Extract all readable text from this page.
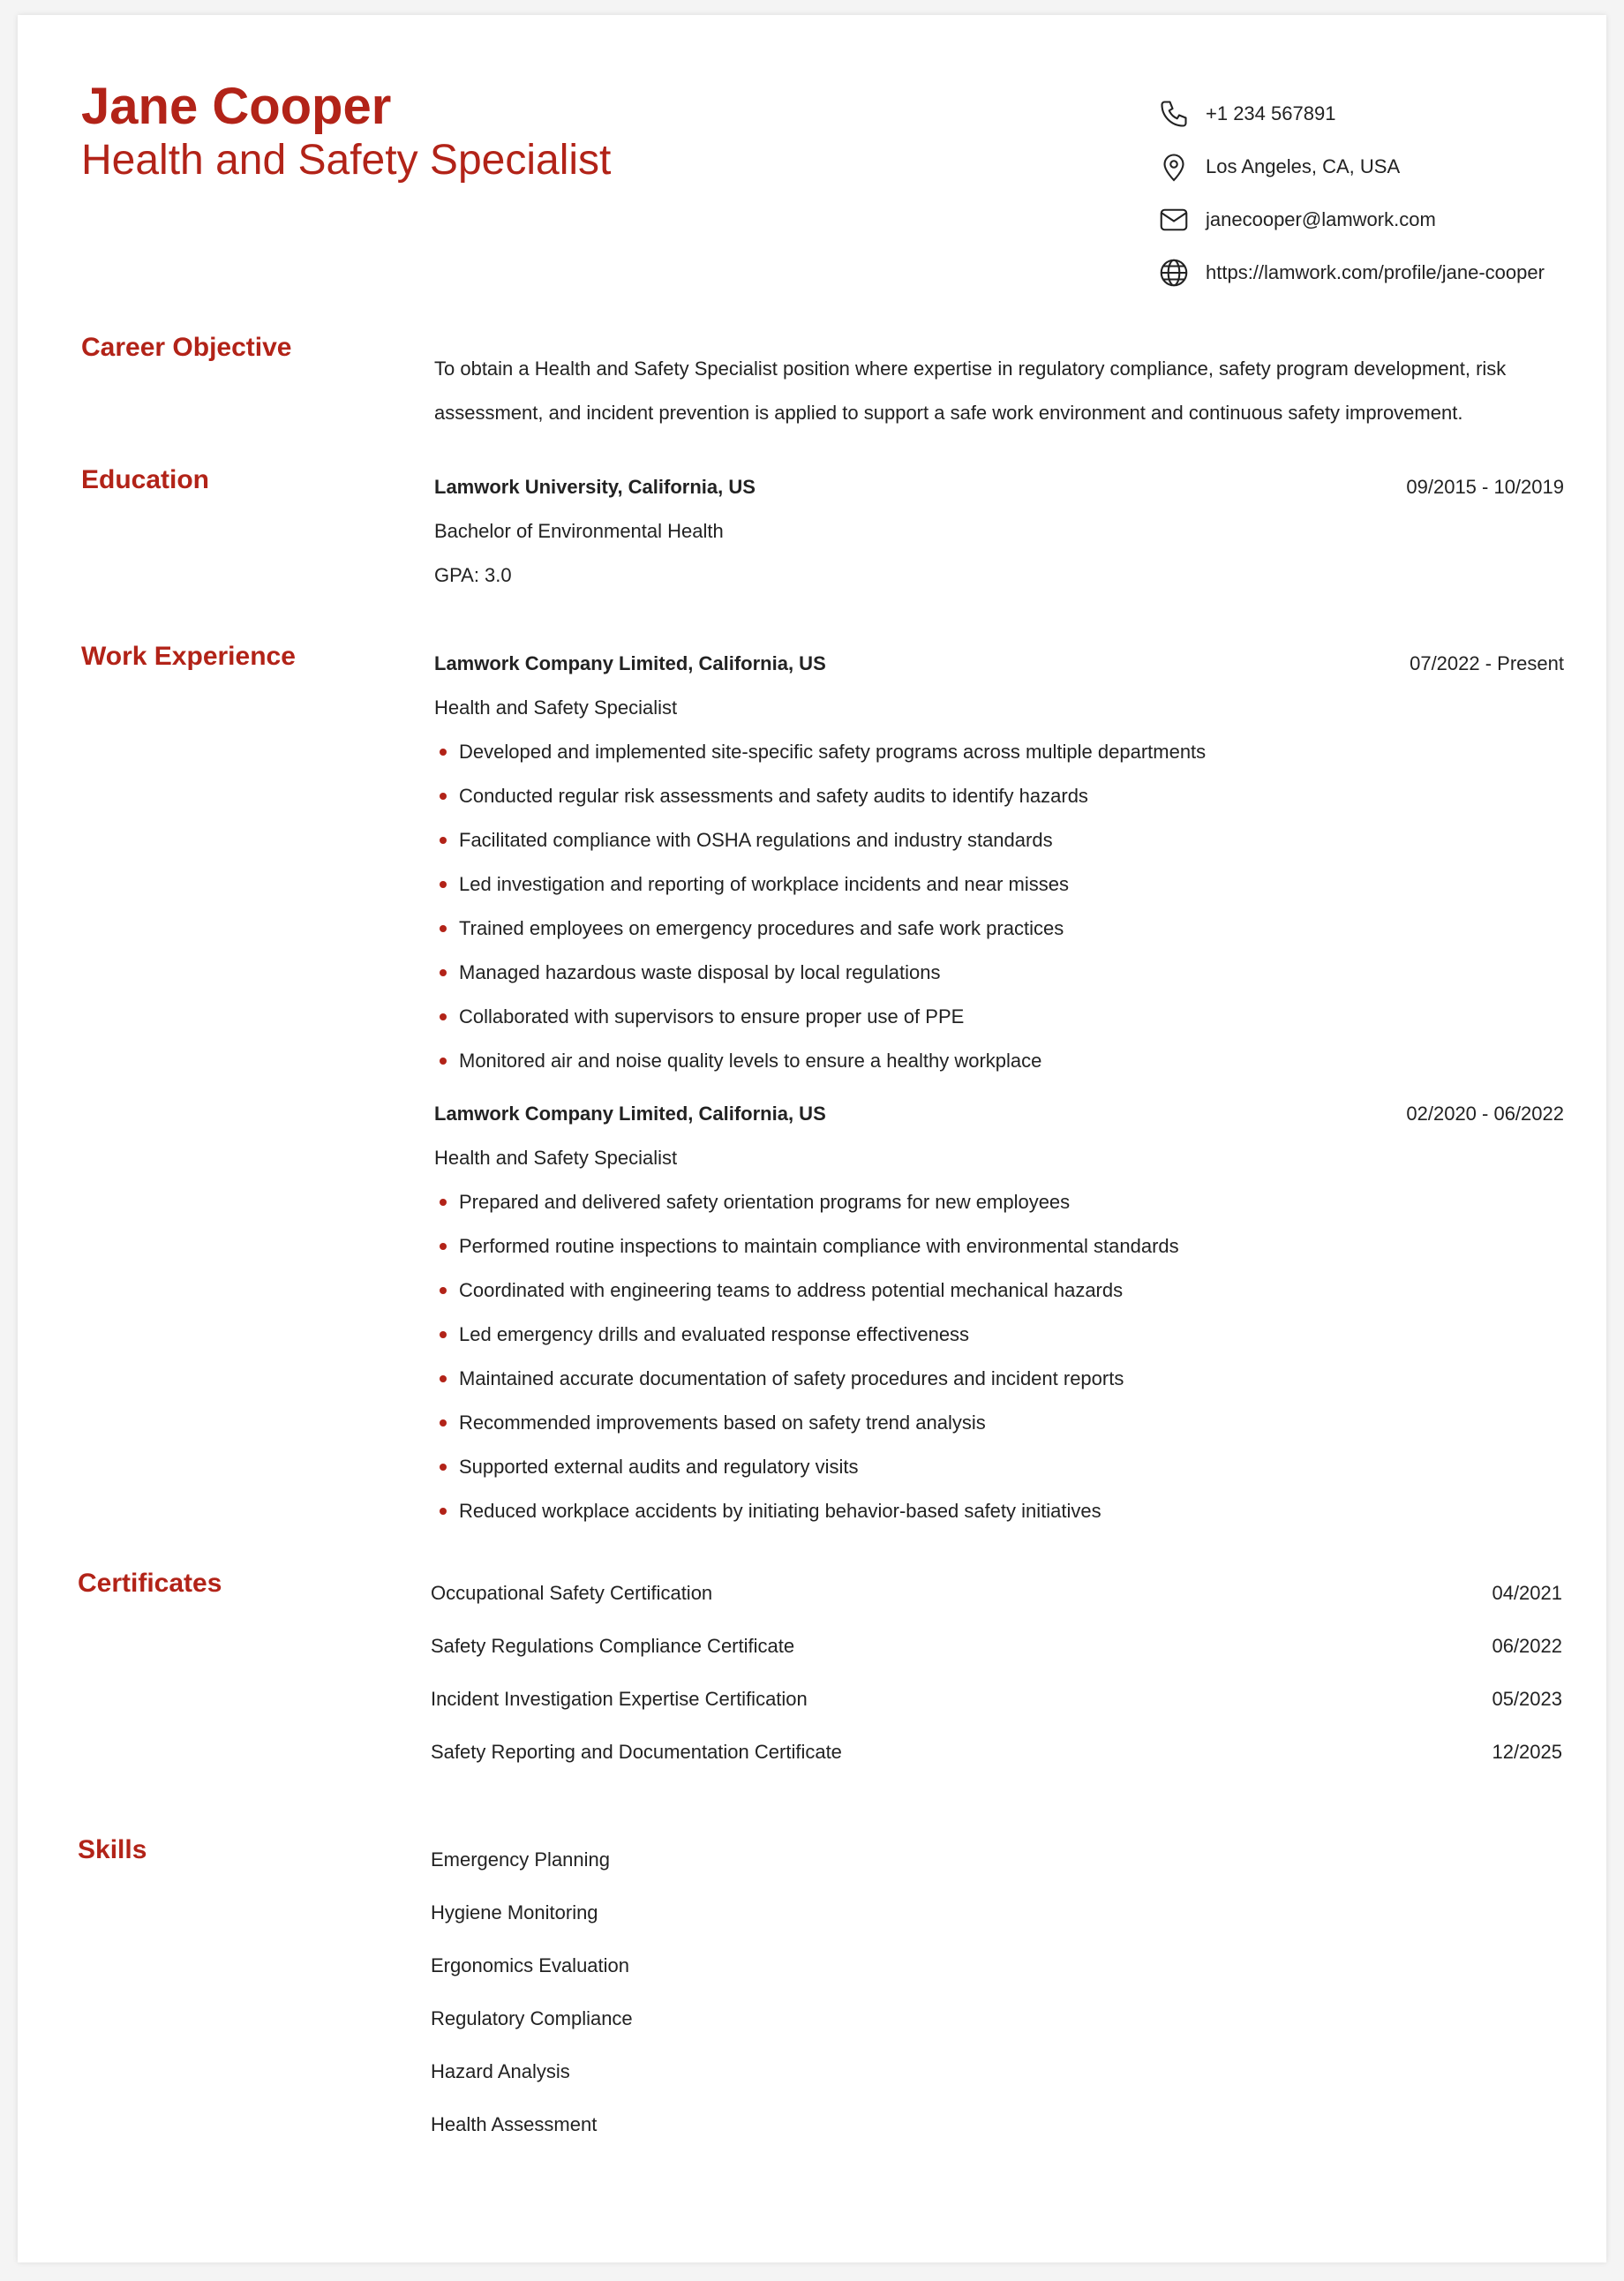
Jane Cooper
Health and Safety Specialist
+1 234 567891
Los Angeles, CA, USA
janecooper@lamwork.com
https://lamwork.com/profile/jane-cooper
Career Objective
To obtain a Health and Safety Specialist position where expertise in regulatory compliance, safety program development, risk assessment, and incident prevention is applied to support a safe work environment and continuous safety improvement.
Education	Lamwork University, California, US	09/2015 - 10/2019
Bachelor of Environmental Health
GPA: 3.0
Work Experience	Lamwork Company Limited, California, US	07/2022 - Present
Health and Safety Specialist
Developed and implemented site-specific safety programs across multiple departments
Conducted regular risk assessments and safety audits to identify hazards
Facilitated compliance with OSHA regulations and industry standards
Led investigation and reporting of workplace incidents and near misses
Trained employees on emergency procedures and safe work practices
Managed hazardous waste disposal by local regulations
Collaborated with supervisors to ensure proper use of PPE
Monitored air and noise quality levels to ensure a healthy workplace
Lamwork Company Limited, California, US	02/2020 - 06/2022
Health and Safety Specialist
Prepared and delivered safety orientation programs for new employees
Performed routine inspections to maintain compliance with environmental standards
Coordinated with engineering teams to address potential mechanical hazards
Led emergency drills and evaluated response effectiveness
Maintained accurate documentation of safety procedures and incident reports
Recommended improvements based on safety trend analysis
Supported external audits and regulatory visits
Reduced workplace accidents by initiating behavior-based safety initiatives
Certificates	Occupational Safety Certification	04/2021
Safety Regulations Compliance Certificate	06/2022
Incident Investigation Expertise Certification	05/2023
Safety Reporting and Documentation Certificate	12/2025
Skills	Emergency Planning
Hygiene Monitoring
Ergonomics Evaluation
Regulatory Compliance
Hazard Analysis
Health Assessment
